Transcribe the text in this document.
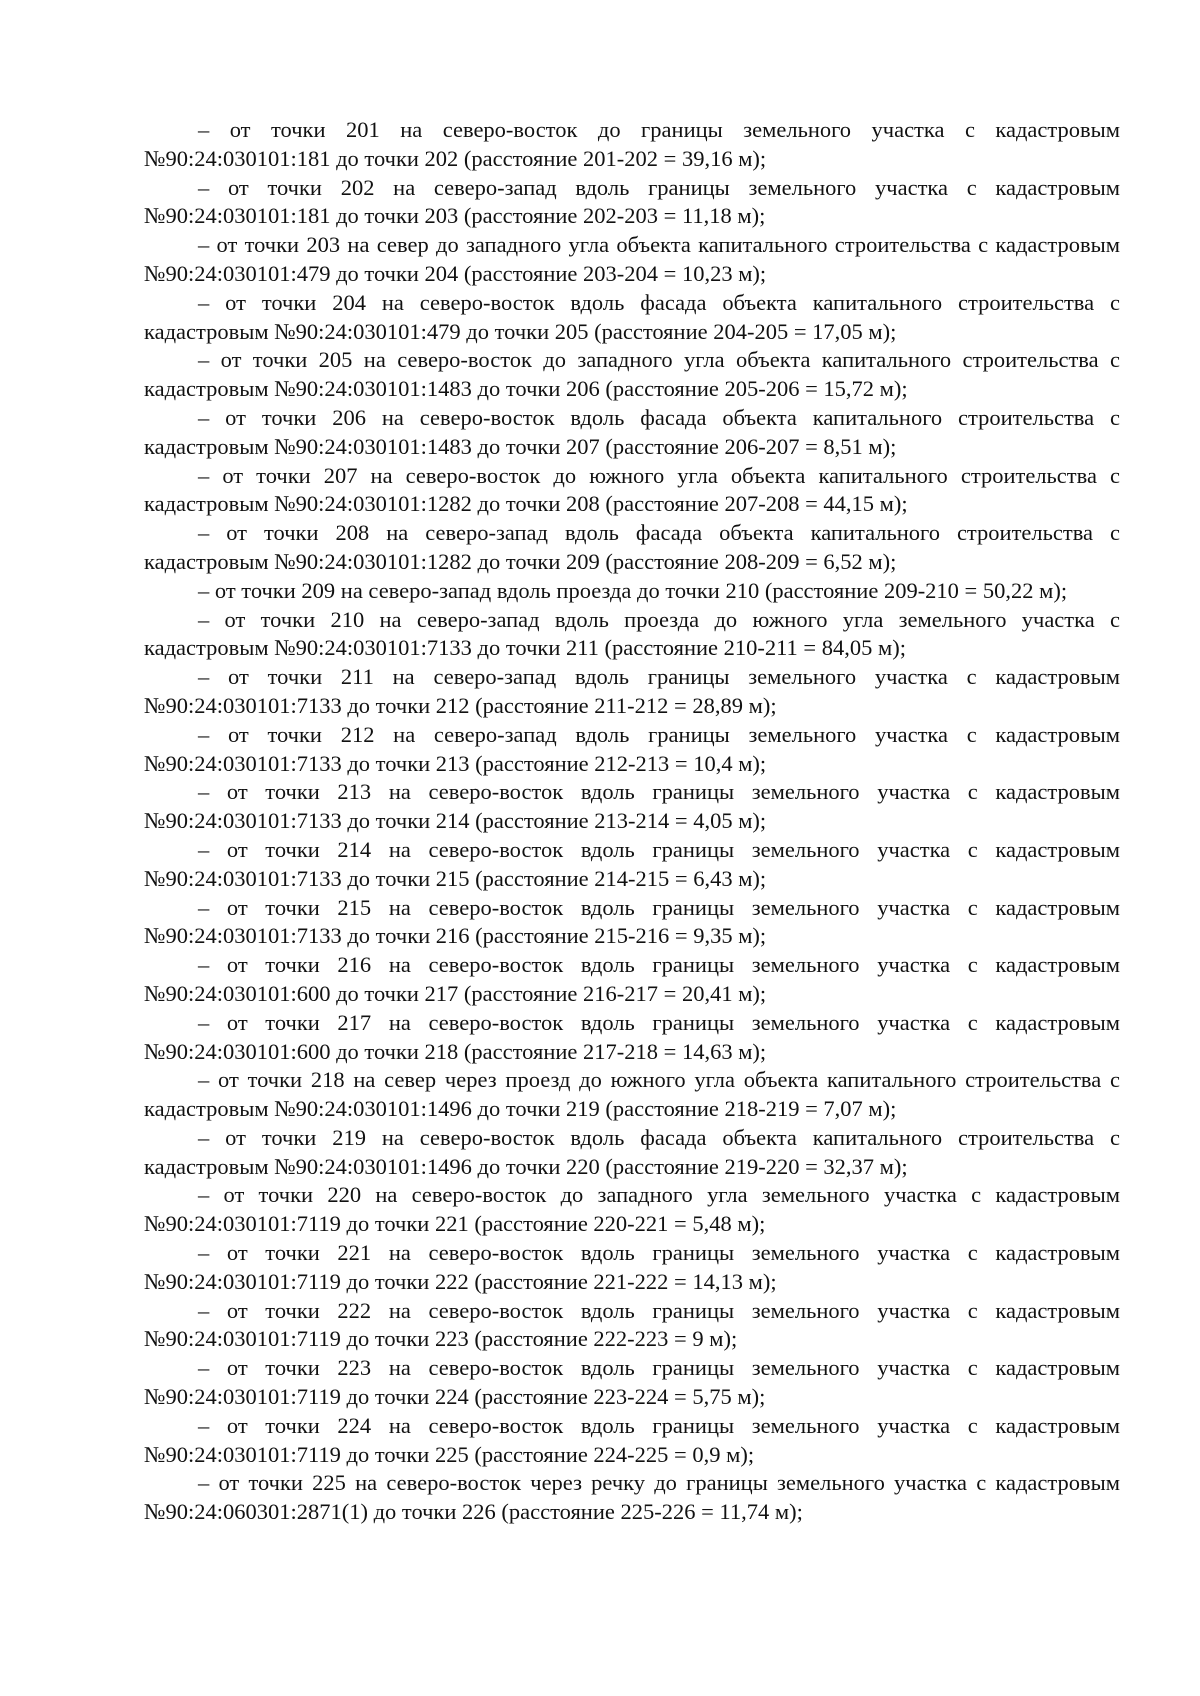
– от точки 201 на северо-восток до границы земельного участка с кадастровым №90:24:030101:181 до точки 202 (расстояние 201-202 = 39,16 м);

– от точки 202 на северо-запад вдоль границы земельного участка с кадастровым №90:24:030101:181 до точки 203 (расстояние 202-203 = 11,18 м);

– от точки 203 на север до западного угла объекта капитального строительства с кадастровым №90:24:030101:479 до точки 204 (расстояние 203-204 = 10,23 м);

– от точки 204 на северо-восток вдоль фасада объекта капитального строительства с кадастровым №90:24:030101:479 до точки 205 (расстояние 204-205 = 17,05 м);

– от точки 205 на северо-восток до западного угла объекта капитального строительства с кадастровым №90:24:030101:1483 до точки 206 (расстояние 205-206 = 15,72 м);

– от точки 206 на северо-восток вдоль фасада объекта капитального строительства с кадастровым №90:24:030101:1483 до точки 207 (расстояние 206-207 = 8,51 м);

– от точки 207 на северо-восток до южного угла объекта капитального строительства с кадастровым №90:24:030101:1282 до точки 208 (расстояние 207-208 = 44,15 м);

– от точки 208 на северо-запад вдоль фасада объекта капитального строительства с кадастровым №90:24:030101:1282 до точки 209 (расстояние 208-209 = 6,52 м);

– от точки 209 на северо-запад вдоль проезда до точки 210 (расстояние 209-210 = 50,22 м);

– от точки 210 на северо-запад вдоль проезда до южного угла земельного участка с кадастровым №90:24:030101:7133 до точки 211 (расстояние 210-211 = 84,05 м);

– от точки 211 на северо-запад вдоль границы земельного участка с кадастровым №90:24:030101:7133 до точки 212 (расстояние 211-212 = 28,89 м);

– от точки 212 на северо-запад вдоль границы земельного участка с кадастровым №90:24:030101:7133 до точки 213 (расстояние 212-213 = 10,4 м);

– от точки 213 на северо-восток вдоль границы земельного участка с кадастровым №90:24:030101:7133 до точки 214 (расстояние 213-214 = 4,05 м);

– от точки 214 на северо-восток вдоль границы земельного участка с кадастровым №90:24:030101:7133 до точки 215 (расстояние 214-215 = 6,43 м);

– от точки 215 на северо-восток вдоль границы земельного участка с кадастровым №90:24:030101:7133 до точки 216 (расстояние 215-216 = 9,35 м);

– от точки 216 на северо-восток вдоль границы земельного участка с кадастровым №90:24:030101:600 до точки 217 (расстояние 216-217 = 20,41 м);

– от точки 217 на северо-восток вдоль границы земельного участка с кадастровым №90:24:030101:600 до точки 218 (расстояние 217-218 = 14,63 м);

– от точки 218 на север через проезд до южного угла объекта капитального строительства с кадастровым №90:24:030101:1496 до точки 219 (расстояние 218-219 = 7,07 м);

– от точки 219 на северо-восток вдоль фасада объекта капитального строительства с кадастровым №90:24:030101:1496 до точки 220 (расстояние 219-220 = 32,37 м);

– от точки 220 на северо-восток до западного угла земельного участка с кадастровым №90:24:030101:7119 до точки 221 (расстояние 220-221 = 5,48 м);

– от точки 221 на северо-восток вдоль границы земельного участка с кадастровым №90:24:030101:7119 до точки 222 (расстояние 221-222 = 14,13 м);

– от точки 222 на северо-восток вдоль границы земельного участка с кадастровым №90:24:030101:7119 до точки 223 (расстояние 222-223 = 9 м);

– от точки 223 на северо-восток вдоль границы земельного участка с кадастровым №90:24:030101:7119 до точки 224 (расстояние 223-224 = 5,75 м);

– от точки 224 на северо-восток вдоль границы земельного участка с кадастровым №90:24:030101:7119 до точки 225 (расстояние 224-225 = 0,9 м);

– от точки 225 на северо-восток через речку до границы земельного участка с кадастровым №90:24:060301:2871(1) до точки 226 (расстояние 225-226 = 11,74 м);
